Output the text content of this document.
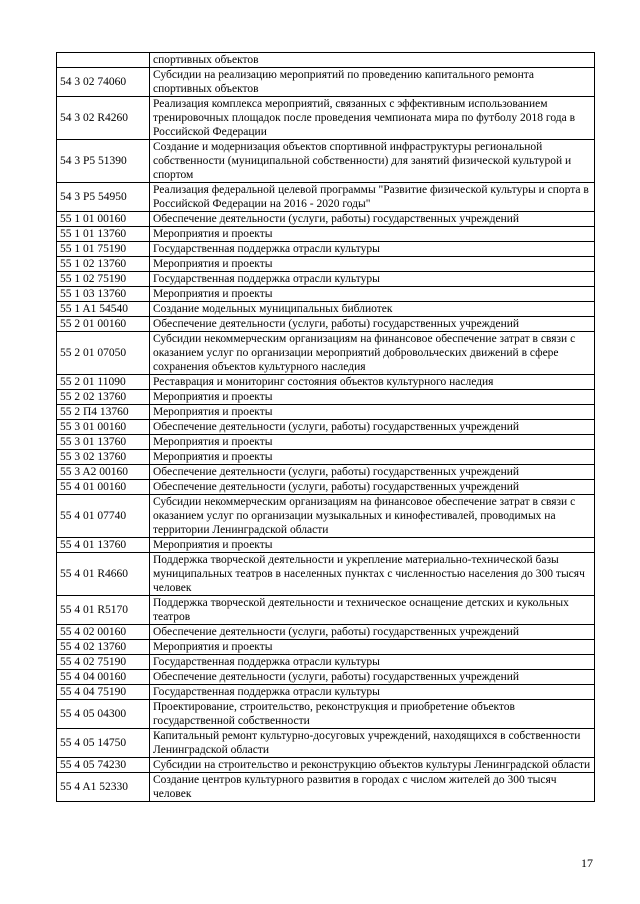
	спортивных объектов
54 3 02 74060	Субсидии на реализацию мероприятий по проведению капитального ремонта спортивных объектов
54 3 02 R4260	Реализация комплекса мероприятий, связанных с эффективным использованием тренировочных площадок после проведения чемпионата мира по футболу 2018 года в Российской Федерации
54 3 P5 51390	Создание и модернизация объектов спортивной инфраструктуры региональной собственности (муниципальной собственности) для занятий физической культурой и спортом
54 3 P5 54950	Реализация федеральной целевой программы "Развитие физической культуры и спорта в Российской Федерации на 2016 - 2020 годы"
55 1 01 00160	Обеспечение деятельности (услуги, работы) государственных учреждений
55 1 01 13760	Мероприятия и проекты
55 1 01 75190	Государственная поддержка отрасли культуры
55 1 02 13760	Мероприятия и проекты
55 1 02 75190	Государственная поддержка отрасли культуры
55 1 03 13760	Мероприятия и проекты
55 1 A1 54540	Создание модельных муниципальных библиотек
55 2 01 00160	Обеспечение деятельности (услуги, работы) государственных учреждений
55 2 01 07050	Субсидии некоммерческим организациям на финансовое обеспечение затрат в связи с оказанием услуг по организации мероприятий добровольческих движений в сфере сохранения объектов культурного наследия
55 2 01 11090	Реставрация и мониторинг состояния объектов культурного наследия
55 2 02 13760	Мероприятия и проекты
55 2 П4 13760	Мероприятия и проекты
55 3 01 00160	Обеспечение деятельности (услуги, работы) государственных учреждений
55 3 01 13760	Мероприятия и проекты
55 3 02 13760	Мероприятия и проекты
55 3 A2 00160	Обеспечение деятельности (услуги, работы) государственных учреждений
55 4 01 00160	Обеспечение деятельности (услуги, работы) государственных учреждений
55 4 01 07740	Субсидии некоммерческим организациям на финансовое обеспечение затрат в связи с оказанием услуг по организации музыкальных и кинофестивалей, проводимых на территории Ленинградской области
55 4 01 13760	Мероприятия и проекты
55 4 01 R4660	Поддержка творческой деятельности и укрепление материально-технической базы муниципальных театров в населенных пунктах с численностью населения до 300 тысяч человек
55 4 01 R5170	Поддержка творческой деятельности и техническое оснащение детских и кукольных театров
55 4 02 00160	Обеспечение деятельности (услуги, работы) государственных учреждений
55 4 02 13760	Мероприятия и проекты
55 4 02 75190	Государственная поддержка отрасли культуры
55 4 04 00160	Обеспечение деятельности (услуги, работы) государственных учреждений
55 4 04 75190	Государственная поддержка отрасли культуры
55 4 05 04300	Проектирование, строительство, реконструкция и приобретение объектов государственной собственности
55 4 05 14750	Капитальный ремонт культурно-досуговых учреждений, находящихся в собственности Ленинградской области
55 4 05 74230	Субсидии на строительство и реконструкцию объектов культуры Ленинградской области
55 4 A1 52330	Создание центров культурного развития в городах с числом жителей до 300 тысяч человек
17
